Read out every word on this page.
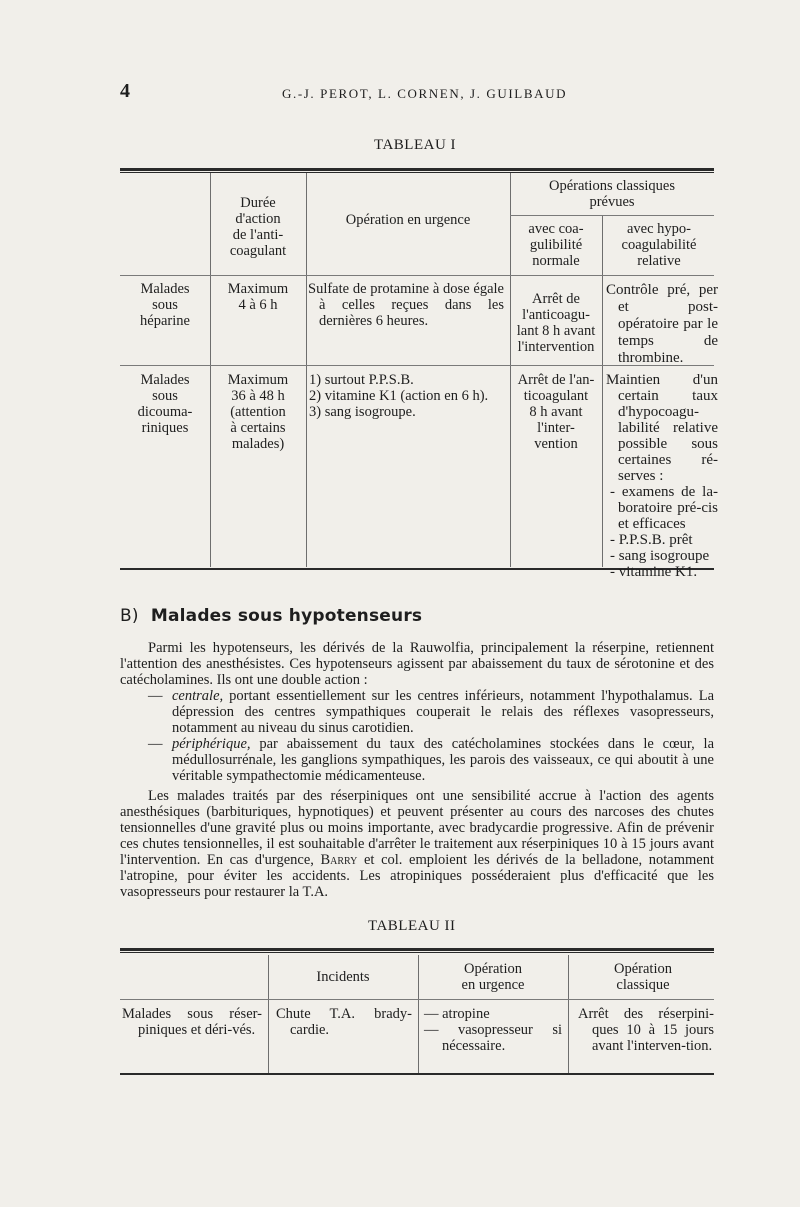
4	G.-J. PEROT, L. CORNEN, J. GUILBAUD
TABLEAU I
Durée
d'action
de l'anti-
coagulant
Opération en urgence
Opérations classiques
prévues
avec coa-
gulibilité
normale
avec hypo-
coagulabilité
relative
Malades
sous
héparine
Maximum
4 à 6 h
Sulfate de protamine à dose égale à celles reçues dans les dernières 6 heures.
Arrêt de
l'anticoagu-
lant 8 h avant
l'intervention
Contrôle pré, per et post-opératoire par le temps de thrombine.
Malades
sous
dicouma-
riniques
Maximum
36 à 48 h
(attention
à certains
malades)
1) surtout P.P.S.B.
2) vitamine K1 (action en 6 h).
3) sang isogroupe.
Arrêt de l'an-
ticoagulant
8 h avant
l'inter-
vention
Maintien d'un certain taux d'hypocoagu-labilité relative possible sous certaines ré-serves :
- examens de la-boratoire pré-cis et efficaces
- P.P.S.B. prêt
- sang isogroupe
- vitamine K1.
B) Malades sous hypotenseurs
Parmi les hypotenseurs, les dérivés de la Rauwolfia, principalement la réserpine, retiennent l'attention des anesthésistes. Ces hypotenseurs agissent par abaissement du taux de sérotonine et des catécholamines. Ils ont une double action :
— centrale, portant essentiellement sur les centres inférieurs, notamment l'hypothalamus. La dépression des centres sympathiques couperait le relais des réflexes vasopresseurs, notamment au niveau du sinus carotidien.
— périphérique, par abaissement du taux des catécholamines stockées dans le cœur, la médullosurrénale, les ganglions sympathiques, les parois des vaisseaux, ce qui aboutit à une véritable sympathectomie médicamenteuse.
Les malades traités par des réserpiniques ont une sensibilité accrue à l'action des agents anesthésiques (barbituriques, hypnotiques) et peuvent présenter au cours des narcoses des chutes tensionnelles d'une gravité plus ou moins importante, avec bradycardie progressive. Afin de prévenir ces chutes tensionnelles, il est souhaitable d'arrêter le traitement aux réserpiniques 10 à 15 jours avant l'intervention. En cas d'urgence, Barry et col. emploient les dérivés de la belladone, notamment l'atropine, pour éviter les accidents. Les atropiniques posséderaient plus d'efficacité que les vasopresseurs pour restaurer la T.A.
TABLEAU II
Incidents	Opération
en urgence
Opération
classique
Malades sous réser-piniques et déri-vés.
Chute T.A. brady-cardie.
— atropine
— vasopresseur si nécessaire.
Arrêt des réserpini-ques 10 à 15 jours avant l'interven-tion.
